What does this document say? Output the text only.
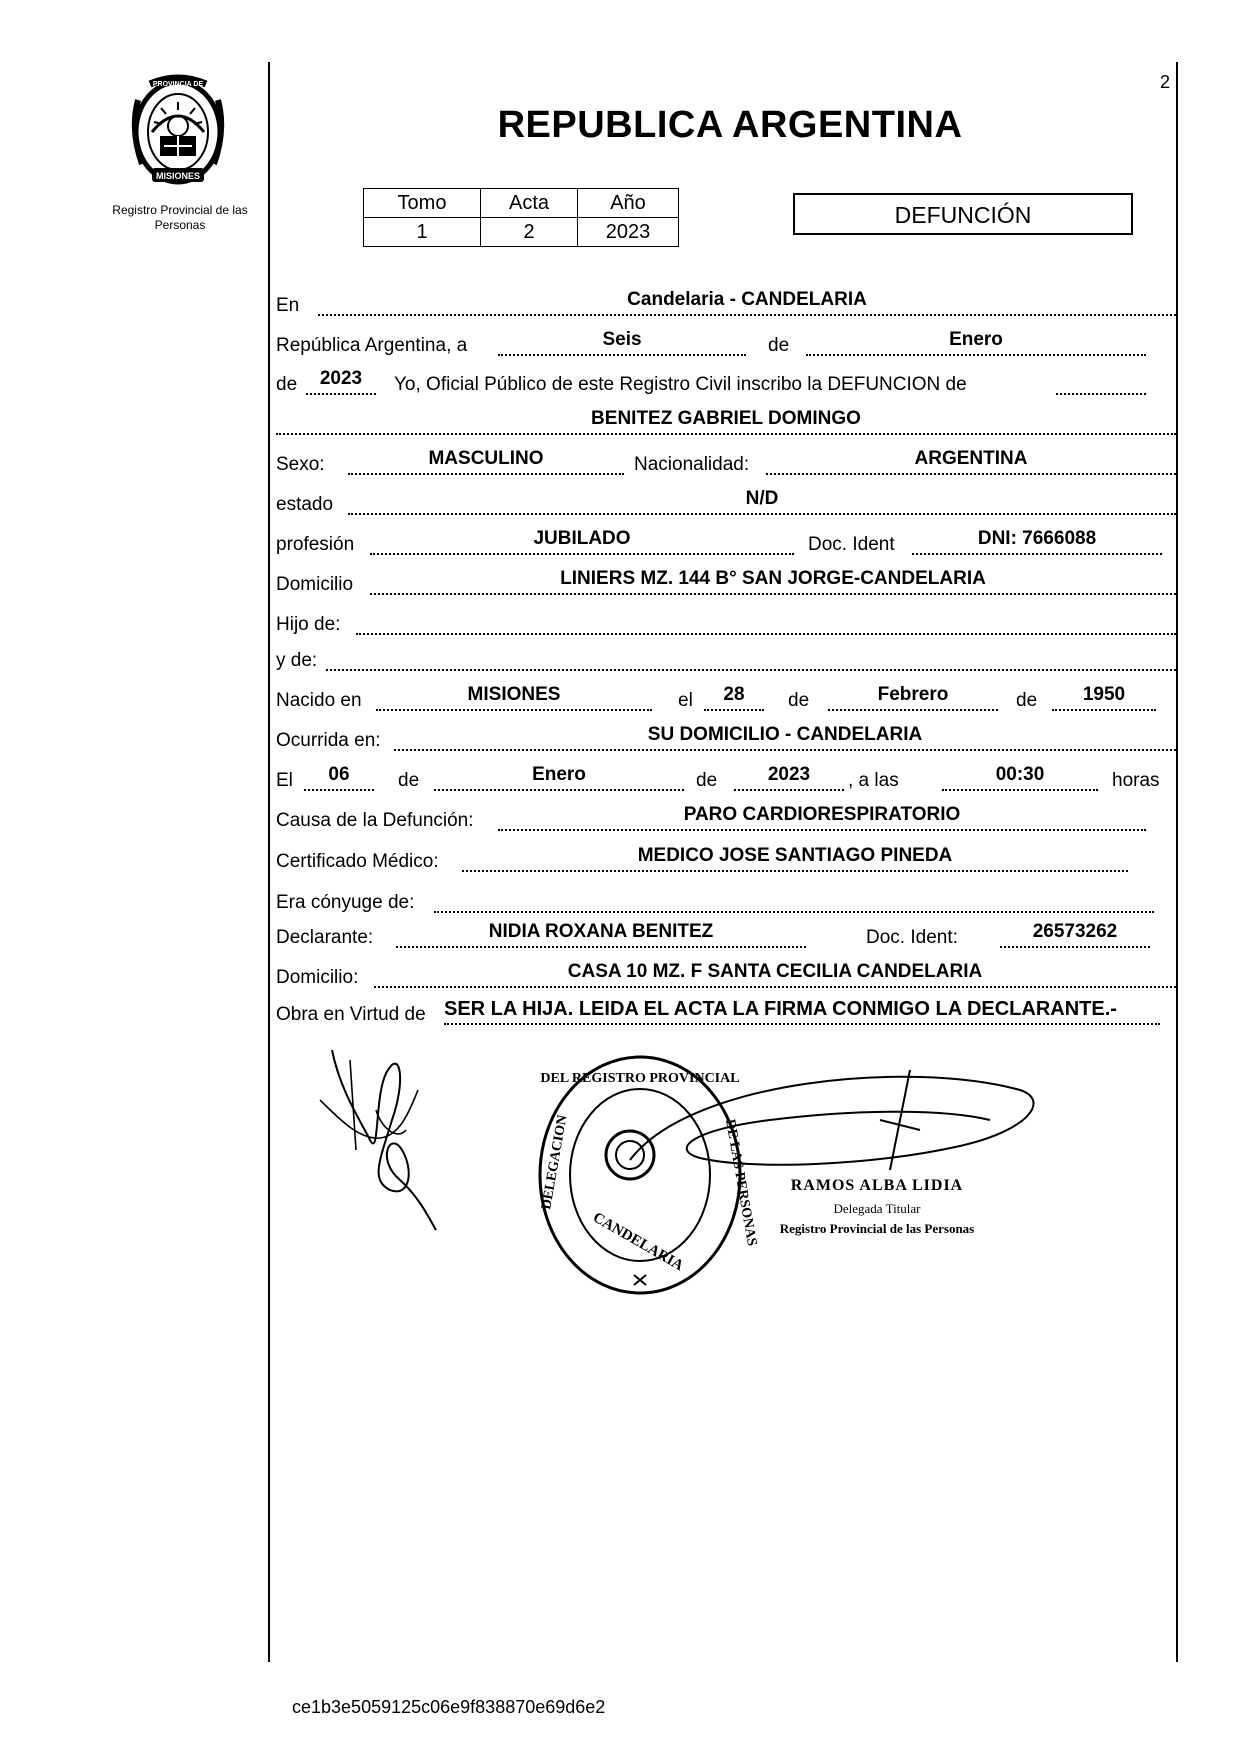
MISIONES
PROVINCIA DE
Registro Provincial de las Personas
2
REPUBLICA ARGENTINA
Tomo	Acta	Año
1	2	2023
DEFUNCIÓN
En	Candelaria - CANDELARIA
República Argentina, a	Seis	de	Enero
de	2023	Yo, Oficial Público de este Registro Civil inscribo la DEFUNCION de
BENITEZ GABRIEL DOMINGO
Sexo:	MASCULINO	Nacionalidad:	ARGENTINA
estado	N/D
profesión	JUBILADO	Doc. Ident	DNI: 7666088
Domicilio	LINIERS MZ. 144 B° SAN JORGE-CANDELARIA
Hijo de:
y de:
Nacido en	MISIONES	el	28	de	Febrero	de	1950
Ocurrida en:	SU DOMICILIO - CANDELARIA
El	06	de	Enero	de	2023	, a las	00:30	horas
Causa de la Defunción:	PARO CARDIORESPIRATORIO
Certificado Médico:	MEDICO JOSE SANTIAGO PINEDA
Era cónyuge de:
Declarante:	NIDIA ROXANA BENITEZ	Doc. Ident:	26573262
Domicilio:	CASA 10 MZ. F SANTA CECILIA CANDELARIA
Obra en Virtud de SER LA HIJA. LEIDA EL ACTA LA FIRMA CONMIGO LA DECLARANTE.-
DEL REGISTRO PROVINCIAL
DELEGACION	DE LAS PERSONAS
CANDELARIA
RAMOS ALBA LIDIA
Delegada Titular
Registro Provincial de las Personas
ce1b3e5059125c06e9f838870e69d6e2
